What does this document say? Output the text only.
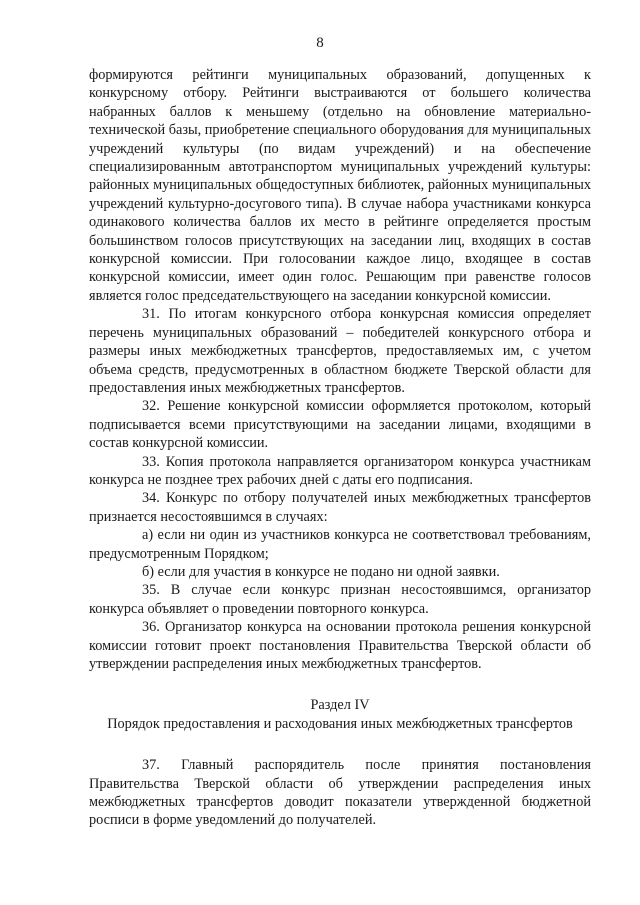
8

формируются рейтинги муниципальных образований, допущенных к конкурсному отбору. Рейтинги выстраиваются от большего количества набранных баллов к меньшему (отдельно на обновление материально-технической базы, приобретение специального оборудования для муниципальных учреждений культуры (по видам учреждений) и на обеспечение специализированным автотранспортом муниципальных учреждений культуры: районных муниципальных общедоступных библиотек, районных муниципальных учреждений культурно-досугового типа). В случае набора участниками конкурса одинакового количества баллов их место в рейтинге определяется простым большинством голосов присутствующих на заседании лиц, входящих в состав конкурсной комиссии. При голосовании каждое лицо, входящее в состав конкурсной комиссии, имеет один голос. Решающим при равенстве голосов является голос председательствующего на заседании конкурсной комиссии.

31. По итогам конкурсного отбора конкурсная комиссия определяет перечень муниципальных образований – победителей конкурсного отбора и размеры иных межбюджетных трансфертов, предоставляемых им, с учетом объема средств, предусмотренных в областном бюджете Тверской области для предоставления иных межбюджетных трансфертов.

32. Решение конкурсной комиссии оформляется протоколом, который подписывается всеми присутствующими на заседании лицами, входящими в состав конкурсной комиссии.

33. Копия протокола направляется организатором конкурса участникам конкурса не позднее трех рабочих дней с даты его подписания.

34. Конкурс по отбору получателей иных межбюджетных трансфертов признается несостоявшимся в случаях:

а) если ни один из участников конкурса не соответствовал требованиям, предусмотренным Порядком;

б) если для участия в конкурсе не подано ни одной заявки.

35. В случае если конкурс признан несостоявшимся, организатор конкурса объявляет о проведении повторного конкурса.

36. Организатор конкурса на основании протокола решения конкурсной комиссии готовит проект постановления Правительства Тверской области об утверждении распределения иных межбюджетных трансфертов.

Раздел IV

Порядок предоставления и расходования иных межбюджетных трансфертов

37. Главный распорядитель после принятия постановления Правительства Тверской области об утверждении распределения иных межбюджетных трансфертов доводит показатели утвержденной бюджетной росписи в форме уведомлений до получателей.
